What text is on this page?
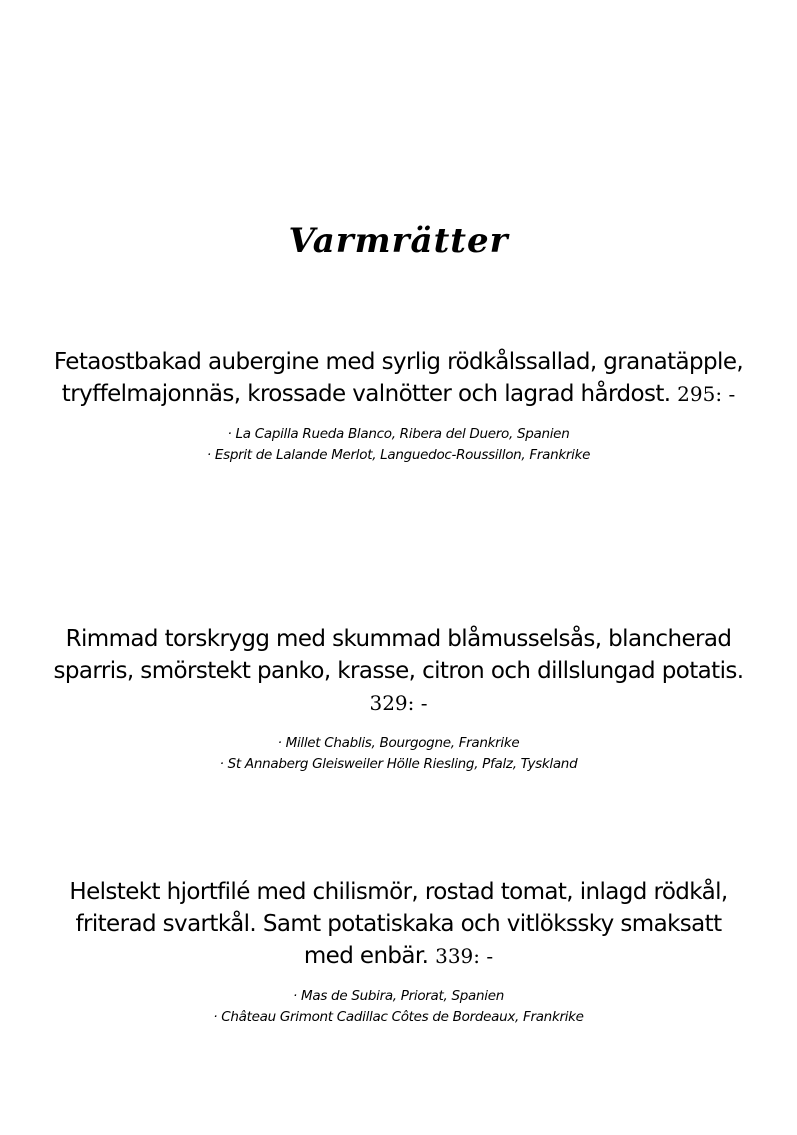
Varmrätter

Fetaostbakad aubergine med syrlig rödkålssallad, granatäpple, tryffelmajonnäs, krossade valnötter och lagrad hårdost. 295: -

· La Capilla Rueda Blanco, Ribera del Duero, Spanien
· Esprit de Lalande Merlot, Languedoc-Roussillon, Frankrike

Rimmad torskrygg med skummad blåmusselsås, blancherad sparris, smörstekt panko, krasse, citron och dillslungad potatis. 329: -

· Millet Chablis, Bourgogne, Frankrike
· St Annaberg Gleisweiler Hölle Riesling, Pfalz, Tyskland

Helstekt hjortfilé med chilismör, rostad tomat, inlagd rödkål, friterad svartkål. Samt potatiskaka och vitlökssky smaksatt med enbär. 339: -

· Mas de Subira, Priorat, Spanien
· Château Grimont Cadillac Côtes de Bordeaux, Frankrike
